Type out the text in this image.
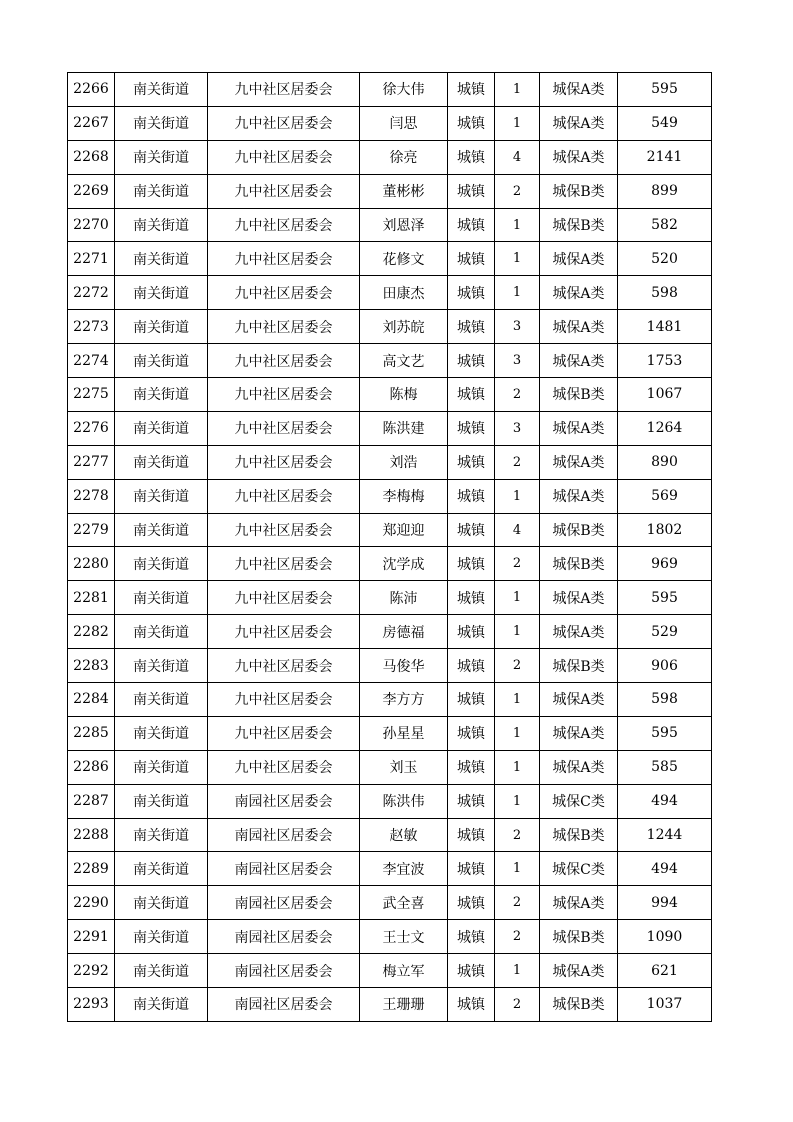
2266	南关街道	九中社区居委会	徐大伟	城镇	1	城保A类	595
2267	南关街道	九中社区居委会	闫思	城镇	1	城保A类	549
2268	南关街道	九中社区居委会	徐亮	城镇	4	城保A类	2141
2269	南关街道	九中社区居委会	董彬彬	城镇	2	城保B类	899
2270	南关街道	九中社区居委会	刘恩泽	城镇	1	城保B类	582
2271	南关街道	九中社区居委会	花修文	城镇	1	城保A类	520
2272	南关街道	九中社区居委会	田康杰	城镇	1	城保A类	598
2273	南关街道	九中社区居委会	刘苏皖	城镇	3	城保A类	1481
2274	南关街道	九中社区居委会	高文艺	城镇	3	城保A类	1753
2275	南关街道	九中社区居委会	陈梅	城镇	2	城保B类	1067
2276	南关街道	九中社区居委会	陈洪建	城镇	3	城保A类	1264
2277	南关街道	九中社区居委会	刘浩	城镇	2	城保A类	890
2278	南关街道	九中社区居委会	李梅梅	城镇	1	城保A类	569
2279	南关街道	九中社区居委会	郑迎迎	城镇	4	城保B类	1802
2280	南关街道	九中社区居委会	沈学成	城镇	2	城保B类	969
2281	南关街道	九中社区居委会	陈沛	城镇	1	城保A类	595
2282	南关街道	九中社区居委会	房德福	城镇	1	城保A类	529
2283	南关街道	九中社区居委会	马俊华	城镇	2	城保B类	906
2284	南关街道	九中社区居委会	李方方	城镇	1	城保A类	598
2285	南关街道	九中社区居委会	孙星星	城镇	1	城保A类	595
2286	南关街道	九中社区居委会	刘玉	城镇	1	城保A类	585
2287	南关街道	南园社区居委会	陈洪伟	城镇	1	城保C类	494
2288	南关街道	南园社区居委会	赵敏	城镇	2	城保B类	1244
2289	南关街道	南园社区居委会	李宜波	城镇	1	城保C类	494
2290	南关街道	南园社区居委会	武全喜	城镇	2	城保A类	994
2291	南关街道	南园社区居委会	王士文	城镇	2	城保B类	1090
2292	南关街道	南园社区居委会	梅立军	城镇	1	城保A类	621
2293	南关街道	南园社区居委会	王珊珊	城镇	2	城保B类	1037
